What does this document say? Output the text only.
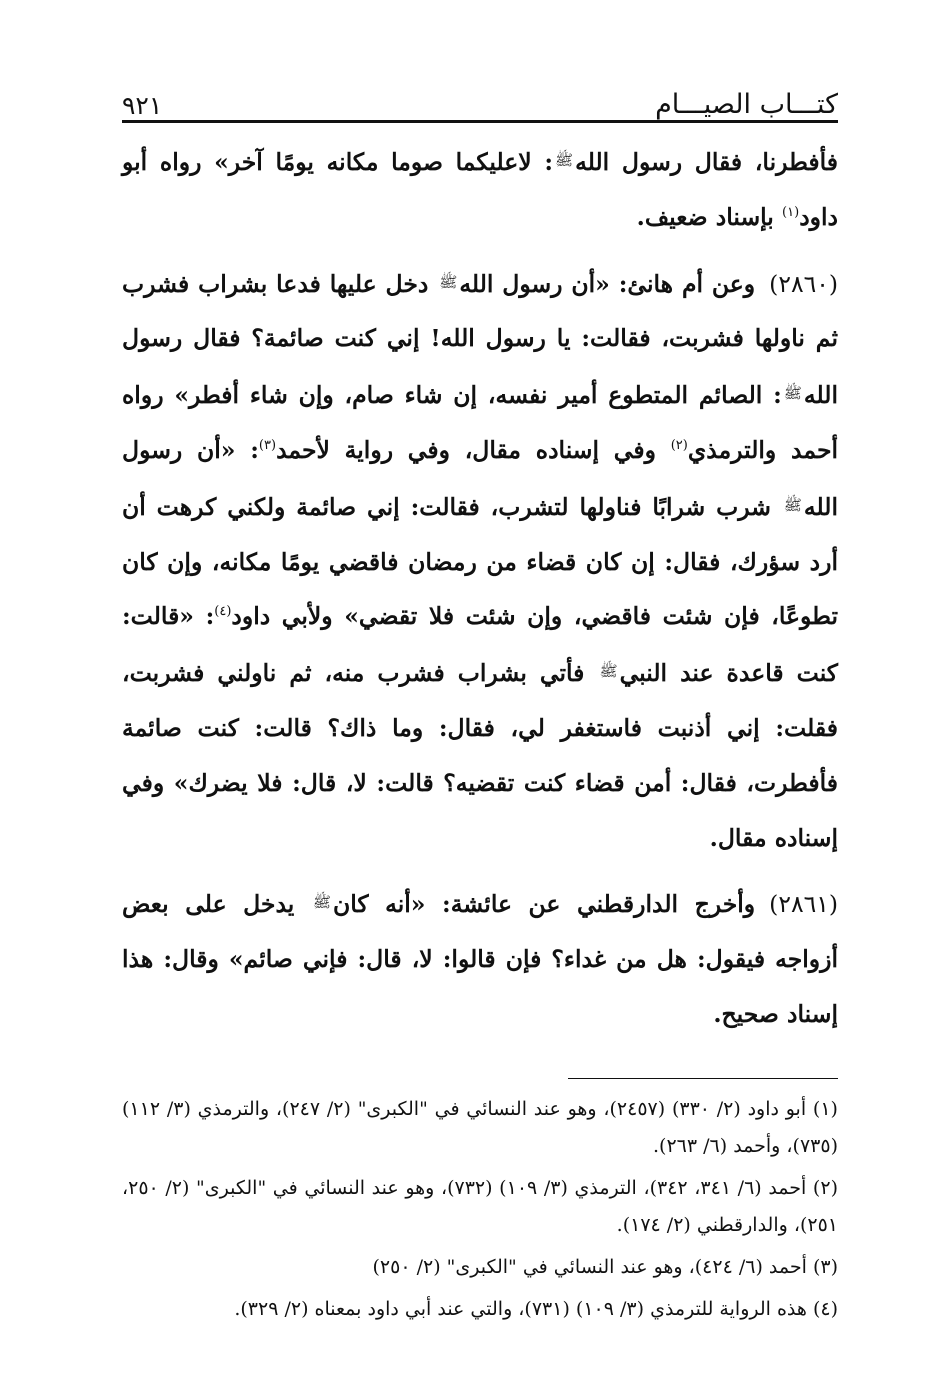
كتـــاب الصيـــام
٩٢١

فأفطرنا، فقال رسول الله$^ﷺ$: لاعليكما صوما مكانه يومًا آخر» رواه أبو داود$^{(١)}$ بإسناد ضعيف.

(٢٨٦٠)وعن أم هانئ: «أن رسول الله$^ﷺ$ دخل عليها فدعا بشراب فشرب ثم ناولها فشربت، فقالت: يا رسول الله! إني كنت صائمة؟ فقال رسول الله$^ﷺ$: الصائم المتطوع أمير نفسه، إن شاء صام، وإن شاء أفطر» رواه أحمد والترمذي$^{(٢)}$ وفي إسناده مقال، وفي رواية لأحمد$^{(٣)}$: «أن رسول الله$^ﷺ$ شرب شرابًا فناولها لتشرب، فقالت: إني صائمة ولكني كرهت أن أرد سؤرك، فقال: إن كان قضاء من رمضان فاقضي يومًا مكانه، وإن كان تطوعًا، فإن شئت فاقضي، وإن شئت فلا تقضي» ولأبي داود$^{(٤)}$: «قالت: كنت قاعدة عند النبي$^ﷺ$ فأتي بشراب فشرب منه، ثم ناولني فشربت، فقلت: إني أذنبت فاستغفر لي، فقال: وما ذاك؟ قالت: كنت صائمة فأفطرت، فقال: أمن قضاء كنت تقضيه؟ قالت: لا، قال: فلا يضرك» وفي إسناده مقال.

(٢٨٦١)وأخرج الدارقطني عن عائشة: «أنه كان$^ﷺ$ يدخل على بعض أزواجه فيقول: هل من غداء؟ فإن قالوا: لا، قال: فإني صائم» وقال: هذا إسناد صحيح.

(١) أبو داود (٢/ ٣٣٠) (٢٤٥٧)، وهو عند النسائي في "الكبرى" (٢/ ٢٤٧)، والترمذي (٣/ ١١٢) (٧٣٥)، وأحمد (٦/ ٢٦٣).

(٢) أحمد (٦/ ٣٤١، ٣٤٢)، الترمذي (٣/ ١٠٩) (٧٣٢)، وهو عند النسائي في "الكبرى" (٢/ ٢٥٠، ٢٥١)، والدارقطني (٢/ ١٧٤).

(٣) أحمد (٦/ ٤٢٤)، وهو عند النسائي في "الكبرى" (٢/ ٢٥٠)

(٤) هذه الرواية للترمذي (٣/ ١٠٩) (٧٣١)، والتي عند أبي داود بمعناه (٢/ ٣٢٩).
